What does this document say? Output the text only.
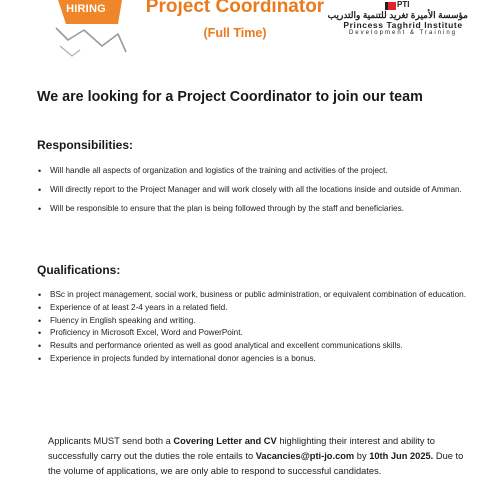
HIRING	Project Coordinator
(Full Time)
PTI
مؤسسة الأميرة تغريد للتنمية والتدريب
Princess Taghrid Institute
Development & Training
We are looking for a Project Coordinator to join our team
Responsibilities:
• Will handle all aspects of organization and logistics of the training and activities of the project.
• Will directly report to the Project Manager and will work closely with all the locations inside and outside of Amman.
• Will be responsible to ensure that the plan is being followed through by the staff and beneficiaries.
Qualifications:
• BSc in project management, social work, business or public administration, or equivalent combination of education.
• Experience of at least 2-4 years in a related field.
• Fluency in English speaking and writing.
• Proficiency in Microsoft Excel, Word and PowerPoint.
• Results and performance oriented as well as good analytical and excellent communications skills.
• Experience in projects funded by international donor agencies is a bonus.
Applicants MUST send both a Covering Letter and CV highlighting their interest and ability to successfully carry out the duties the role entails to Vacancies@pti-jo.com by 10th Jun 2025. Due to the volume of applications, we are only able to respond to successful candidates.
